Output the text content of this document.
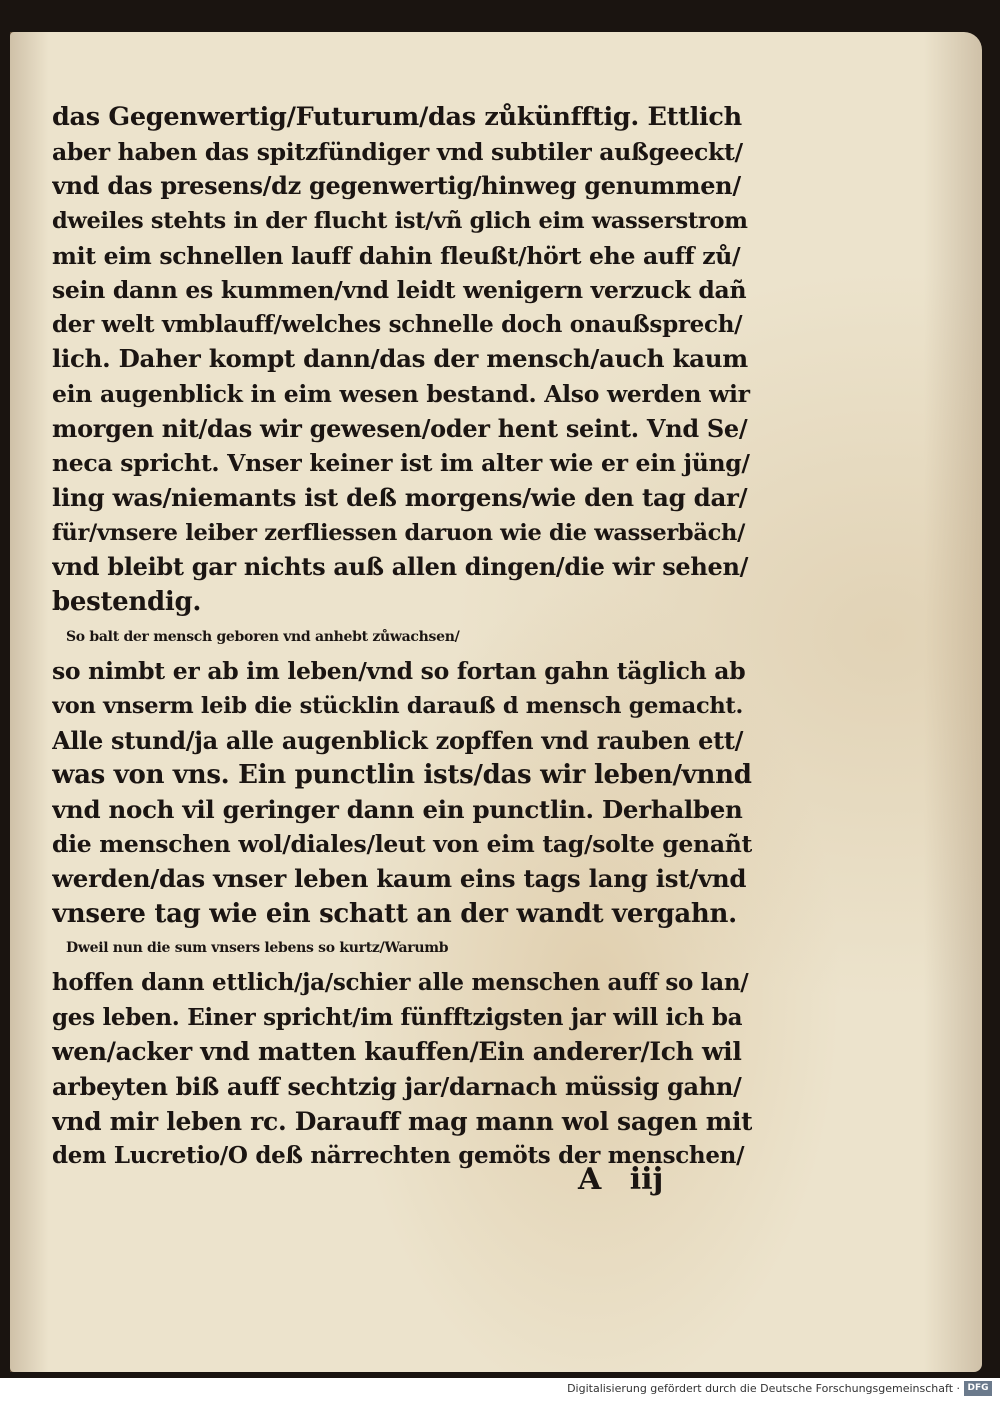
das Gegenwertig/Futurum/das zůkünfftig. Ettlich
aber haben das spitzfündiger vnd subtiler außgeeckt/
vnd das presens/dz gegenwertig/hinweg genummen/
dweiles stehts in der flucht ist/vñ glich eim wasserstrom
mit eim schnellen lauff dahin fleußt/hört ehe auff zů/
sein dann es kummen/vnd leidt wenigern verzuck dañ
der welt vmblauff/welches schnelle doch onaußsprech/
lich. Daher kompt dann/das der mensch/auch kaum
ein augenblick in eim wesen bestand. Also werden wir
morgen nit/das wir gewesen/oder hent seint. Vnd Se/
neca spricht. Vnser keiner ist im alter wie er ein jüng/
ling was/niemants ist deß morgens/wie den tag dar/
für/vnsere leiber zerfliessen daruon wie die wasserbäch/
vnd bleibt gar nichts auß allen dingen/die wir sehen/
bestendig.
So balt der mensch geboren vnd anhebt zůwachsen/
so nimbt er ab im leben/vnd so fortan gahn täglich ab
von vnserm leib die stücklin darauß d mensch gemacht.
Alle stund/ja alle augenblick zopffen vnd rauben ett/
was von vns. Ein punctlin ists/das wir leben/vnnd
vnd noch vil geringer dann ein punctlin. Derhalben
die menschen wol/diales/leut von eim tag/solte genañt
werden/das vnser leben kaum eins tags lang ist/vnd
vnsere tag wie ein schatt an der wandt vergahn.
Dweil nun die sum vnsers lebens so kurtz/Warumb
hoffen dann ettlich/ja/schier alle menschen auff so lan/
ges leben. Einer spricht/im fünfftzigsten jar will ich ba
wen/acker vnd matten kauffen/Ein anderer/Ich wil
arbeyten biß auff sechtzig jar/darnach müssig gahn/
vnd mir leben rc. Darauff mag mann wol sagen mit
dem Lucretio/O deß närrechten gemöts der menschen/
A iij
Digitalisierung gefördert durch die Deutsche Forschungsgemeinschaft · DFG
